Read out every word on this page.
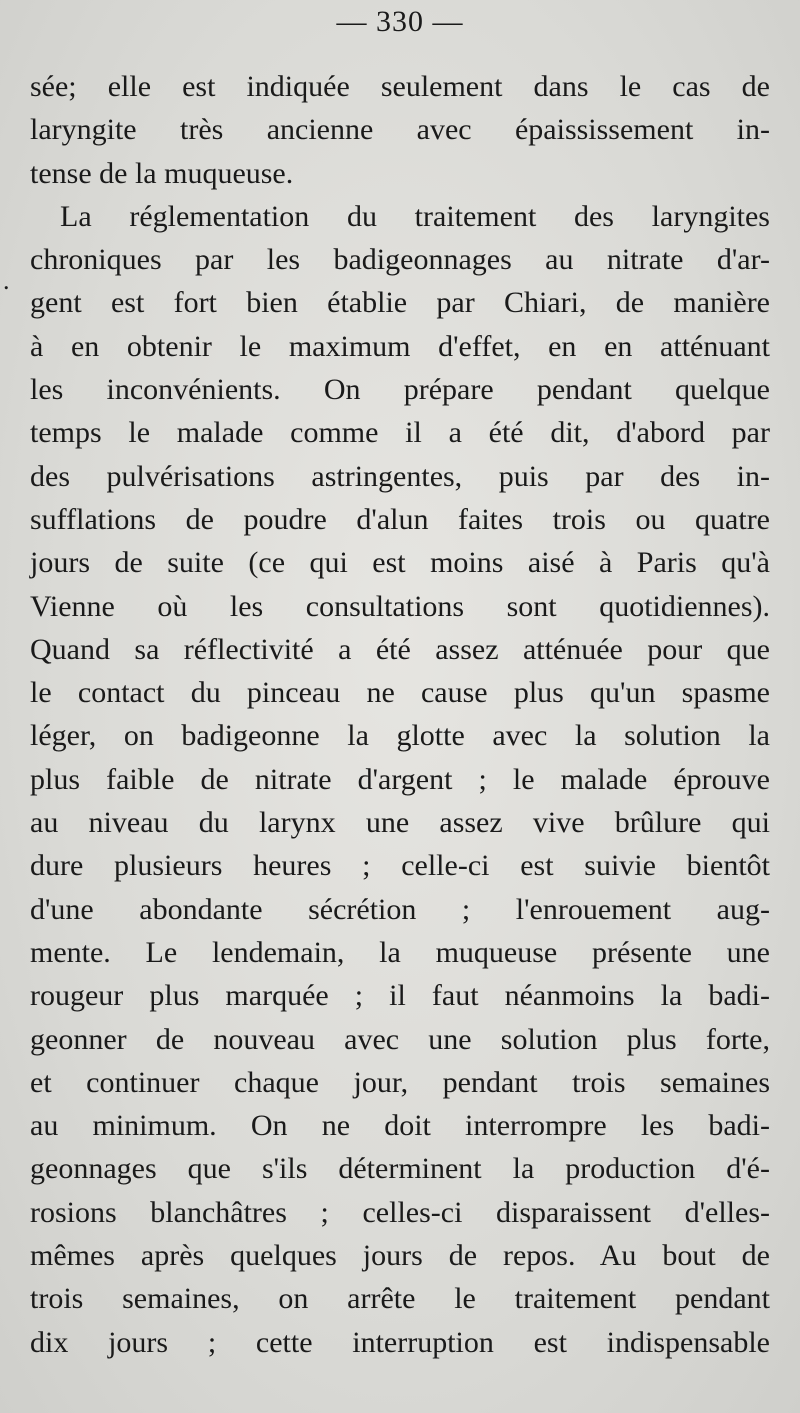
— 330 —
.
sée; elle est indiquée seulement dans le cas de
laryngite très ancienne avec épaississement in-
tense de la muqueuse.
La réglementation du traitement des laryngites
chroniques par les badigeonnages au nitrate d'ar-
gent est fort bien établie par Chiari, de manière
à en obtenir le maximum d'effet, en en atténuant
les inconvénients. On prépare pendant quelque
temps le malade comme il a été dit, d'abord par
des pulvérisations astringentes, puis par des in-
sufflations de poudre d'alun faites trois ou quatre
jours de suite (ce qui est moins aisé à Paris qu'à
Vienne où les consultations sont quotidiennes).
Quand sa réflectivité a été assez atténuée pour que
le contact du pinceau ne cause plus qu'un spasme
léger, on badigeonne la glotte avec la solution la
plus faible de nitrate d'argent ; le malade éprouve
au niveau du larynx une assez vive brûlure qui
dure plusieurs heures ; celle-ci est suivie bientôt
d'une abondante sécrétion ; l'enrouement aug-
mente. Le lendemain, la muqueuse présente une
rougeur plus marquée ; il faut néanmoins la badi-
geonner de nouveau avec une solution plus forte,
et continuer chaque jour, pendant trois semaines
au minimum. On ne doit interrompre les badi-
geonnages que s'ils déterminent la production d'é-
rosions blanchâtres ; celles-ci disparaissent d'elles-
mêmes après quelques jours de repos. Au bout de
trois semaines, on arrête le traitement pendant
dix jours ; cette interruption est indispensable
